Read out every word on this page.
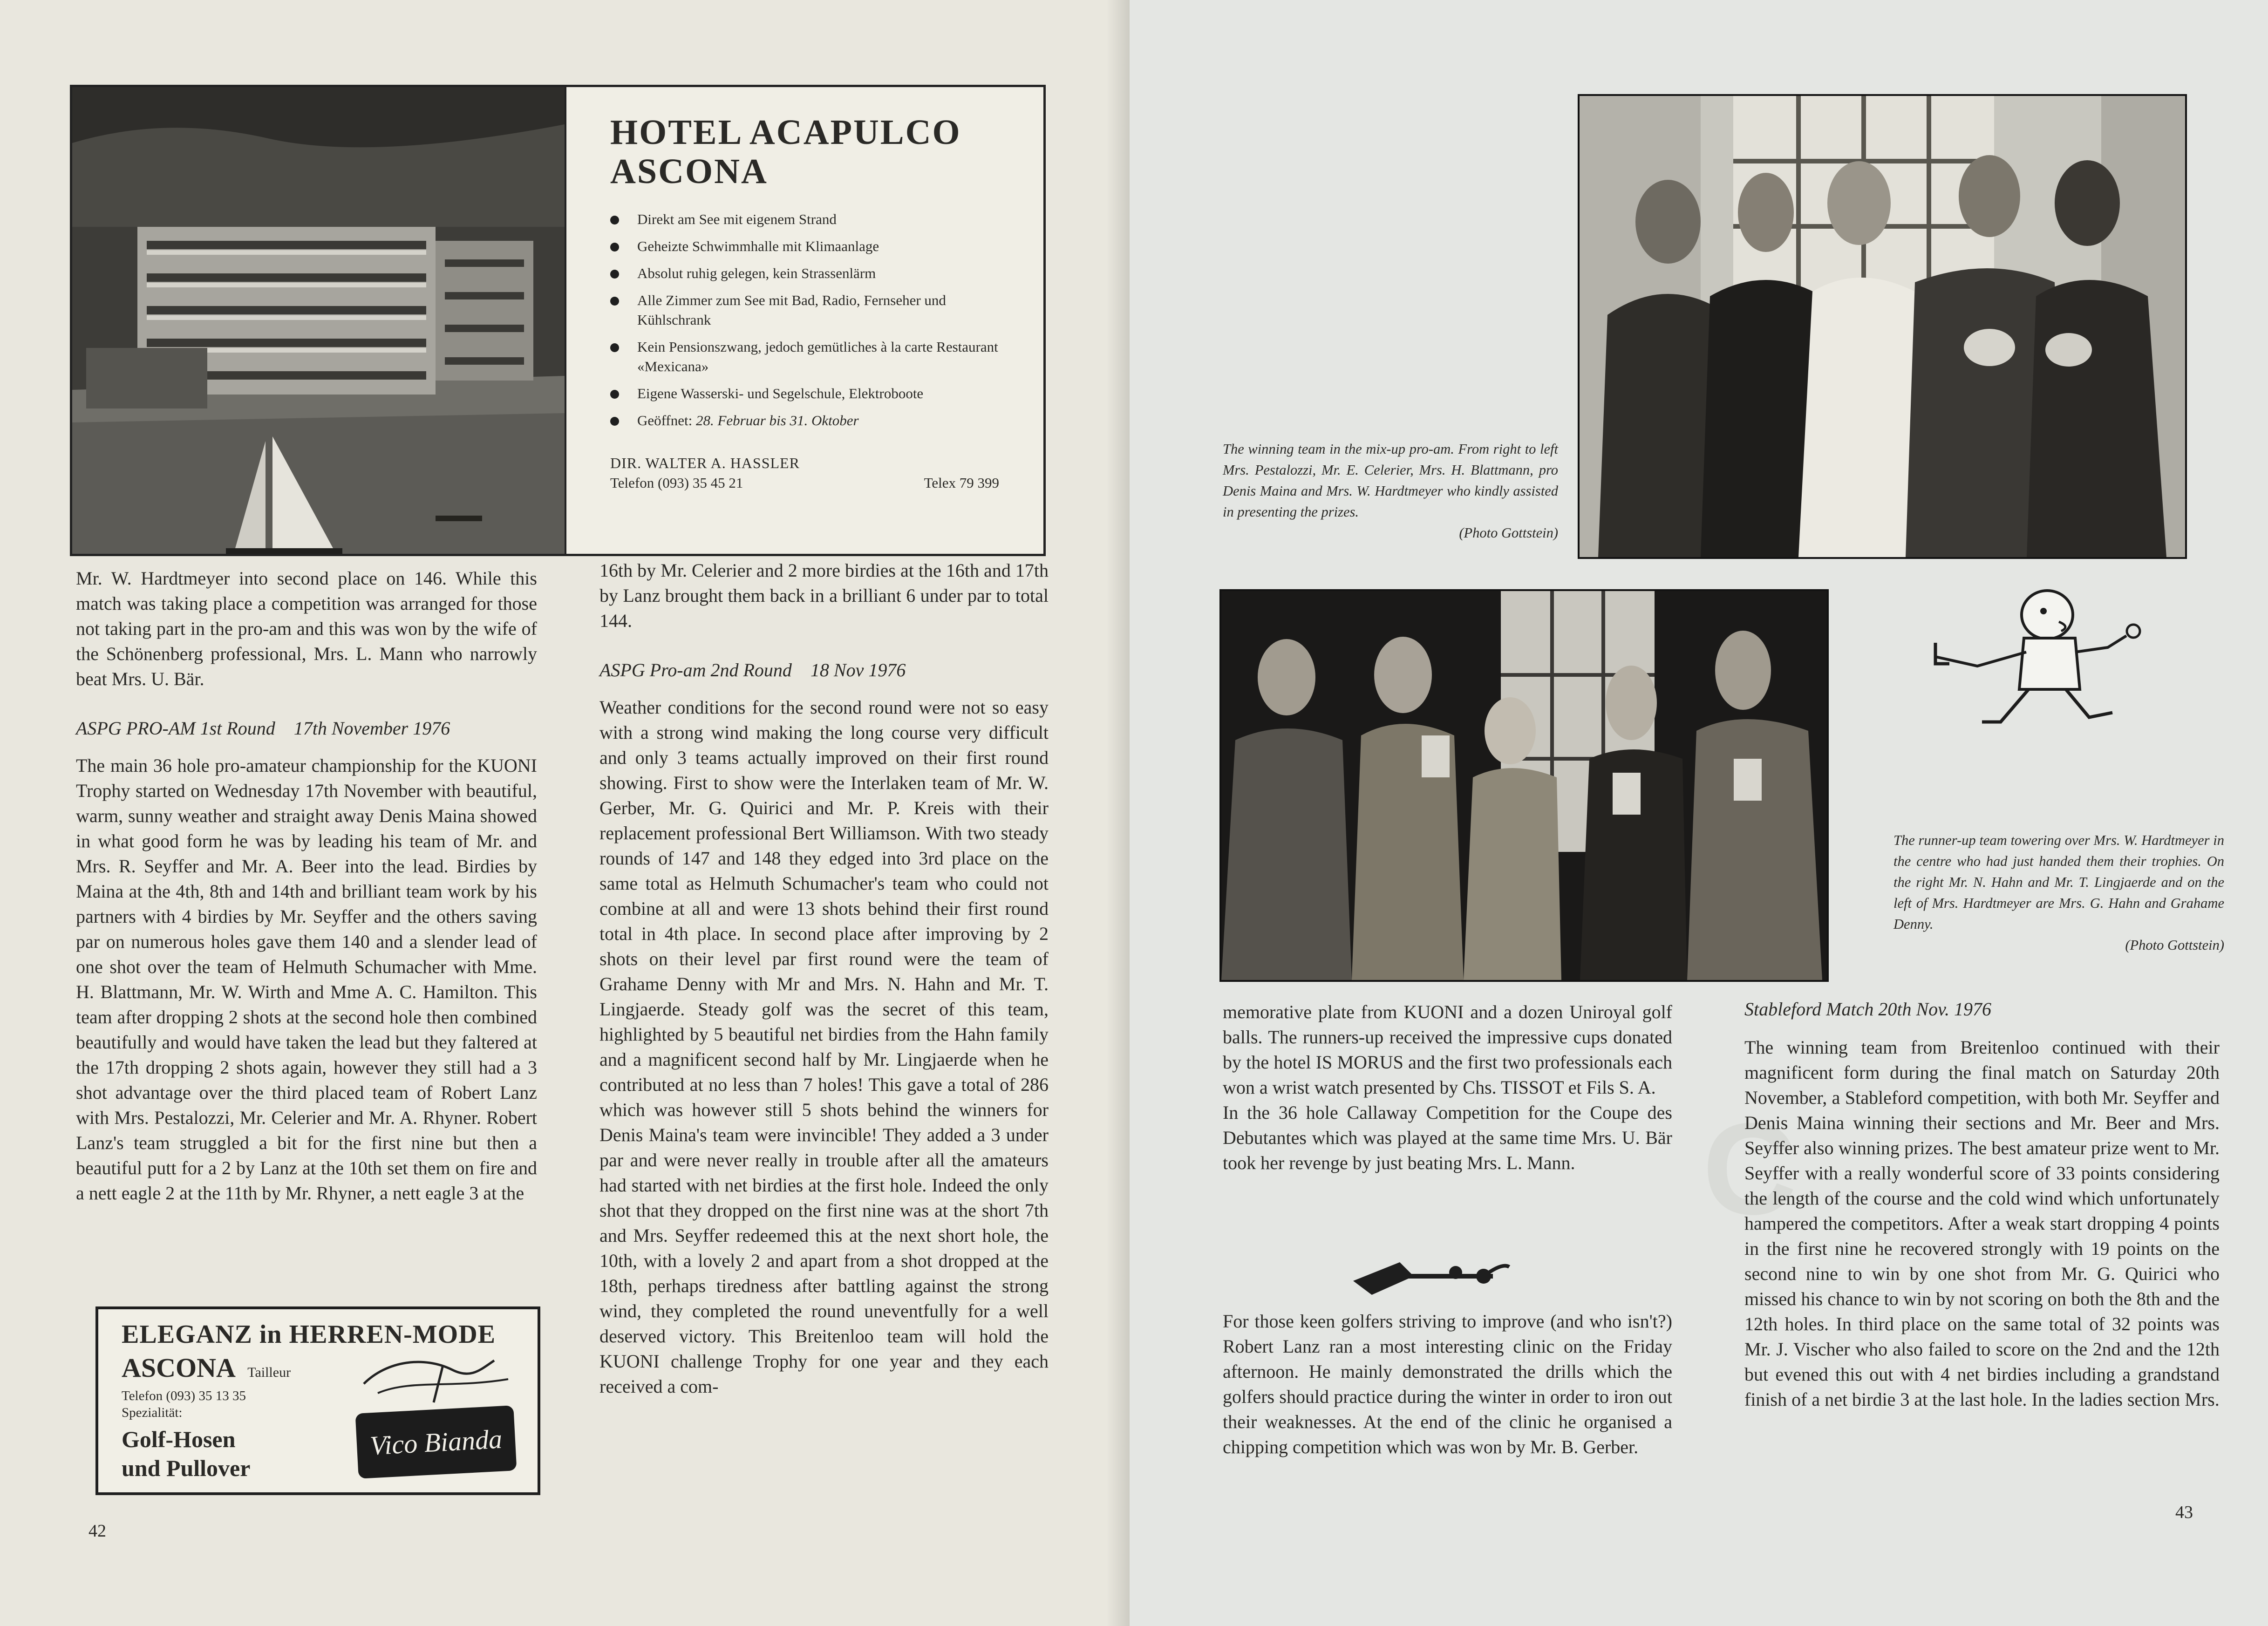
HOTEL ACAPULCO
ASCONA
Direkt am See mit eigenem Strand
Geheizte Schwimmhalle mit Klimaanlage
Absolut ruhig gelegen, kein Strassenlärm
Alle Zimmer zum See mit Bad, Radio, Fernseher und Kühlschrank
Kein Pensionszwang, jedoch gemütliches à la carte Restaurant «Mexicana»
Eigene Wasserski- und Segelschule, Elektroboote
Geöffnet: 28. Februar bis 31. Oktober
DIR. WALTER A. HASSLER
Telefon (093) 35 45 21	Telex 79 399

Mr. W. Hardtmeyer into second place on 146. While this match was taking place a competition was arranged for those not taking part in the pro-am and this was won by the wife of the Schönenberg professional, Mrs. L. Mann who narrowly beat Mrs. U. Bär.

ASPG PRO-AM 1st Round 17th November 1976

The main 36 hole pro-amateur championship for the KUONI Trophy started on Wednesday 17th November with beautiful, warm, sunny weather and straight away Denis Maina showed in what good form he was by leading his team of Mr. and Mrs. R. Seyffer and Mr. A. Beer into the lead. Birdies by Maina at the 4th, 8th and 14th and brilliant team work by his partners with 4 birdies by Mr. Seyffer and the others saving par on numerous holes gave them 140 and a slender lead of one shot over the team of Helmuth Schumacher with Mme. H. Blattmann, Mr. W. Wirth and Mme A. C. Hamilton. This team after dropping 2 shots at the second hole then combined beautifully and would have taken the lead but they faltered at the 17th dropping 2 shots again, however they still had a 3 shot advantage over the third placed team of Robert Lanz with Mrs. Pestalozzi, Mr. Celerier and Mr. A. Rhyner. Robert Lanz's team struggled a bit for the first nine but then a beautiful putt for a 2 by Lanz at the 10th set them on fire and a nett eagle 2 at the 11th by Mr. Rhyner, a nett eagle 3 at the

ELEGANZ in HERREN-MODE
ASCONA Tailleur
Telefon (093) 35 13 35
Spezialität:
Golf-Hosen
und Pullover
Vico Bianda

16th by Mr. Celerier and 2 more birdies at the 16th and 17th by Lanz brought them back in a brilliant 6 under par to total 144.

ASPG Pro-am 2nd Round 18 Nov 1976

Weather conditions for the second round were not so easy with a strong wind making the long course very difficult and only 3 teams actually improved on their first round showing. First to show were the Interlaken team of Mr. W. Gerber, Mr. G. Quirici and Mr. P. Kreis with their replacement professional Bert Williamson. With two steady rounds of 147 and 148 they edged into 3rd place on the same total as Helmuth Schumacher's team who could not combine at all and were 13 shots behind their first round total in 4th place. In second place after improving by 2 shots on their level par first round were the team of Grahame Denny with Mr and Mrs. N. Hahn and Mr. T. Lingjaerde. Steady golf was the secret of this team, highlighted by 5 beautiful net birdies from the Hahn family and a magnificent second half by Mr. Lingjaerde when he contributed at no less than 7 holes! This gave a total of 286 which was however still 5 shots behind the winners for Denis Maina's team were invincible! They added a 3 under par and were never really in trouble after all the amateurs had started with net birdies at the first hole. Indeed the only shot that they dropped on the first nine was at the short 7th and Mrs. Seyffer redeemed this at the next short hole, the 10th, with a lovely 2 and apart from a shot dropped at the 18th, perhaps tiredness after battling against the strong wind, they completed the round uneventfully for a well deserved victory. This Breitenloo team will hold the KUONI challenge Trophy for one year and they each received a com-

42
C
The winning team in the mix-up pro-am. From right to left Mrs. Pestalozzi, Mr. E. Celerier, Mrs. H. Blattmann, pro Denis Maina and Mrs. W. Hardtmeyer who kindly assisted in presenting the prizes.
(Photo Gottstein)
The runner-up team towering over Mrs. W. Hardtmeyer in the centre who had just handed them their trophies. On the right Mr. N. Hahn and Mr. T. Lingjaerde and on the left of Mrs. Hardtmeyer are Mrs. G. Hahn and Grahame Denny.
(Photo Gottstein)

memorative plate from KUONI and a dozen Uniroyal golf balls. The runners-up received the impressive cups donated by the hotel IS MORUS and the first two professionals each won a wrist watch presented by Chs. TISSOT et Fils S. A.

In the 36 hole Callaway Competition for the Coupe des Debutantes which was played at the same time Mrs. U. Bär took her revenge by just beating Mrs. L. Mann.

For those keen golfers striving to improve (and who isn't?) Robert Lanz ran a most interesting clinic on the Friday afternoon. He mainly demonstrated the drills which the golfers should practice during the winter in order to iron out their weaknesses. At the end of the clinic he organised a chipping competition which was won by Mr. B. Gerber.

Stableford Match 20th Nov. 1976

The winning team from Breitenloo continued with their magnificent form during the final match on Saturday 20th November, a Stableford competition, with both Mr. Seyffer and Denis Maina winning their sections and Mr. Beer and Mrs. Seyffer also winning prizes. The best amateur prize went to Mr. Seyffer with a really wonderful score of 33 points considering the length of the course and the cold wind which unfortunately hampered the competitors. After a weak start dropping 4 points in the first nine he recovered strongly with 19 points on the second nine to win by one shot from Mr. G. Quirici who missed his chance to win by not scoring on both the 8th and the 12th holes. In third place on the same total of 32 points was Mr. J. Vischer who also failed to score on the 2nd and the 12th but evened this out with 4 net birdies including a grandstand finish of a net birdie 3 at the last hole. In the ladies section Mrs.

43
